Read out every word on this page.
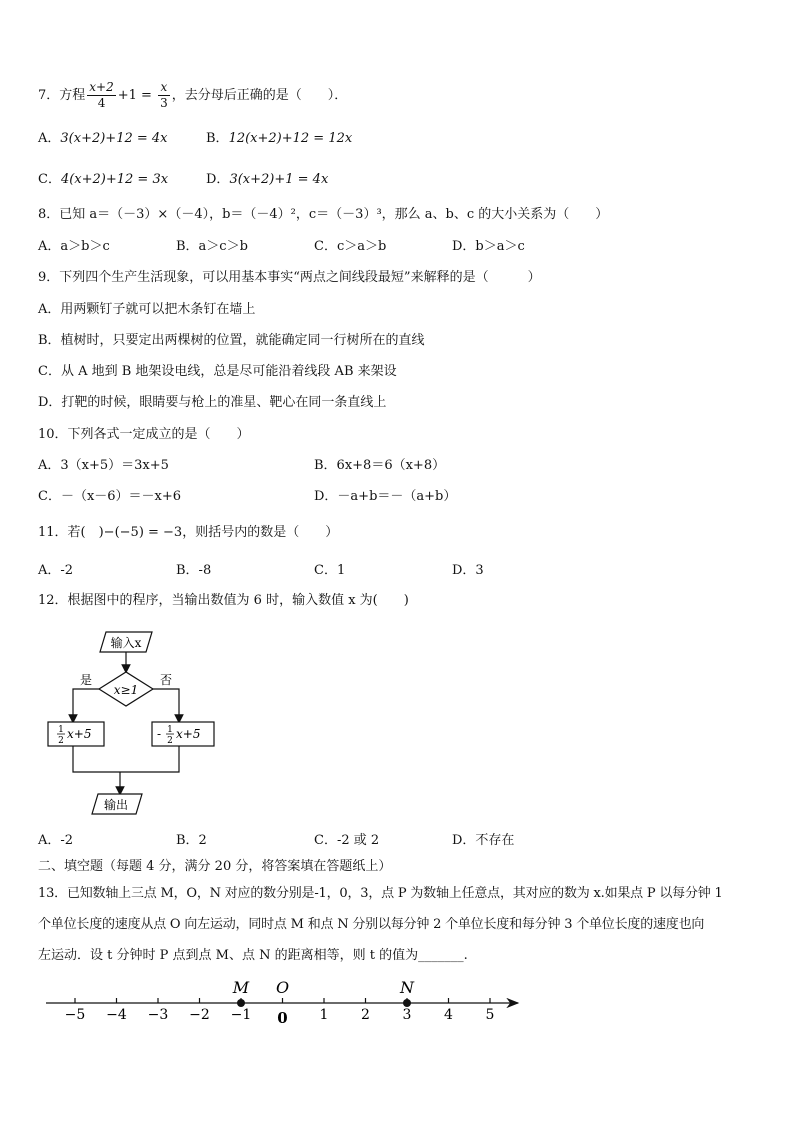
7．方程 $\frac{x+2}{4} +1 = \frac{x}{3}$ ，去分母后正确的是（　　）．
A．3(x+2)+12 = 4x	B．12(x+2)+12 = 12x
C．4(x+2)+12 = 3x	D．3(x+2)+1 = 4x
8．已知 a＝（－3）×（－4），b＝（－4）²，c＝（－3）³，那么 a、b、c 的大小关系为（　　）
A．a＞b＞c	B．a＞c＞b	C．c＞a＞b	D．b＞a＞c
9．下列四个生产生活现象，可以用基本事实“两点之间线段最短”来解释的是（　　　）
A．用两颗钉子就可以把木条钉在墙上
B．植树时，只要定出两棵树的位置，就能确定同一行树所在的直线
C．从 A 地到 B 地架设电线，总是尽可能沿着线段 AB 来架设
D．打靶的时候，眼睛要与枪上的准星、靶心在同一条直线上
10．下列各式一定成立的是（　　）
A．3（x+5）＝3x+5	B．6x+8＝6（x+8）
C．－（x－6）＝－x+6	D．－a+b＝－（a+b）
11．若(　)−(−5) = −3，则括号内的数是（　　）
A．-2	B．-8	C．1	D．3
12．根据图中的程序，当输出数值为 6 时，输入数值 x 为(　　)
输入x
x≥1
是	否
1
2 x+5	- 1
2 x+5
输出
A．-2	B．2	C．-2 或 2	D．不存在
二、填空题（每题 4 分，满分 20 分，将答案填在答题纸上）
13．已知数轴上三点 M，O，N 对应的数分别是-1，0，3，点 P 为数轴上任意点，其对应的数为 x.如果点 P 以每分钟 1
个单位长度的速度从点 O 向左运动，同时点 M 和点 N 分别以每分钟 2 个单位长度和每分钟 3 个单位长度的速度也向
左运动．设 t 分钟时 P 点到点 M、点 N 的距离相等，则 t 的值为_______.
−5 −4 −3 −2 −1 0 1 2 3 4 5
M O	N
